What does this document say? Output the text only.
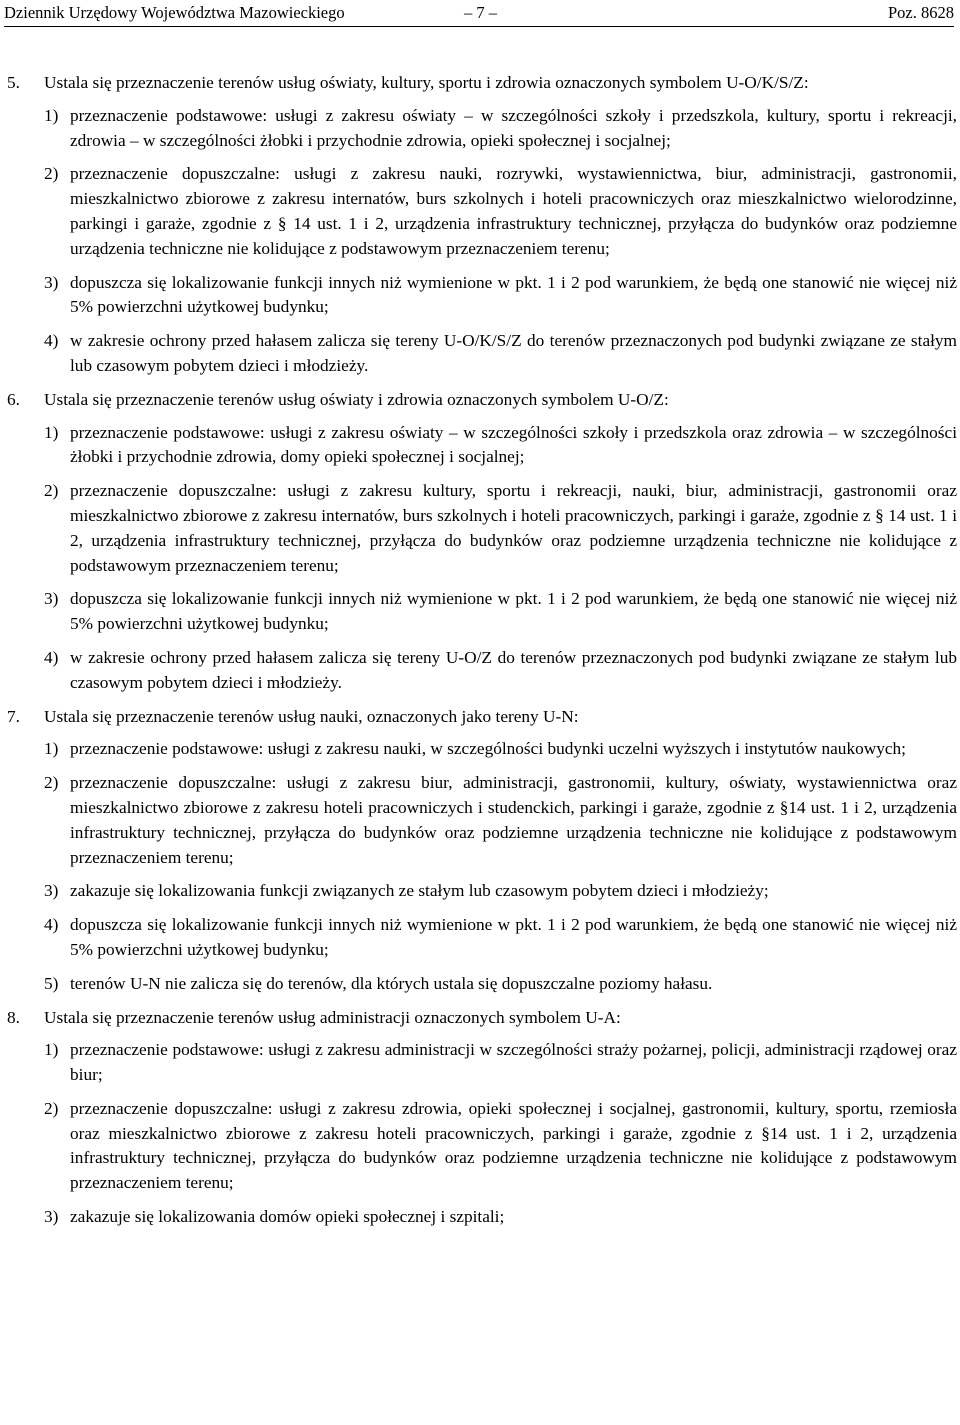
Dziennik Urzędowy Województwa Mazowieckiego	– 7 –	Poz. 8628
5. Ustala się przeznaczenie terenów usług oświaty, kultury, sportu i zdrowia oznaczonych symbolem U-O/K/S/Z:
1) przeznaczenie podstawowe: usługi z zakresu oświaty – w szczególności szkoły i przedszkola, kultury, sportu i rekreacji, zdrowia – w szczególności żłobki i przychodnie zdrowia, opieki społecznej i socjalnej;
2) przeznaczenie dopuszczalne: usługi z zakresu nauki, rozrywki, wystawiennictwa, biur, administracji, gastronomii, mieszkalnictwo zbiorowe z zakresu internatów, burs szkolnych i hoteli pracowniczych oraz mieszkalnictwo wielorodzinne, parkingi i garaże, zgodnie z § 14 ust. 1 i 2, urządzenia infrastruktury technicznej, przyłącza do budynków oraz podziemne urządzenia techniczne nie kolidujące z podstawowym przeznaczeniem terenu;
3) dopuszcza się lokalizowanie funkcji innych niż wymienione w pkt. 1 i 2 pod warunkiem, że będą one stanowić nie więcej niż 5% powierzchni użytkowej budynku;
4) w zakresie ochrony przed hałasem zalicza się tereny U-O/K/S/Z do terenów przeznaczonych pod budynki związane ze stałym lub czasowym pobytem dzieci i młodzieży.
6. Ustala się przeznaczenie terenów usług oświaty i zdrowia oznaczonych symbolem U-O/Z:
1) przeznaczenie podstawowe: usługi z zakresu oświaty – w szczególności szkoły i przedszkola oraz zdrowia – w szczególności żłobki i przychodnie zdrowia, domy opieki społecznej i socjalnej;
2) przeznaczenie dopuszczalne: usługi z zakresu kultury, sportu i rekreacji, nauki, biur, administracji, gastronomii oraz mieszkalnictwo zbiorowe z zakresu internatów, burs szkolnych i hoteli pracowniczych, parkingi i garaże, zgodnie z § 14 ust. 1 i 2, urządzenia infrastruktury technicznej, przyłącza do budynków oraz podziemne urządzenia techniczne nie kolidujące z podstawowym przeznaczeniem terenu;
3) dopuszcza się lokalizowanie funkcji innych niż wymienione w pkt. 1 i 2 pod warunkiem, że będą one stanowić nie więcej niż 5% powierzchni użytkowej budynku;
4) w zakresie ochrony przed hałasem zalicza się tereny U-O/Z do terenów przeznaczonych pod budynki związane ze stałym lub czasowym pobytem dzieci i młodzieży.
7. Ustala się przeznaczenie terenów usług nauki, oznaczonych jako tereny U-N:
1) przeznaczenie podstawowe: usługi z zakresu nauki, w szczególności budynki uczelni wyższych i instytutów naukowych;
2) przeznaczenie dopuszczalne: usługi z zakresu biur, administracji, gastronomii, kultury, oświaty, wystawiennictwa oraz mieszkalnictwo zbiorowe z zakresu hoteli pracowniczych i studenckich, parkingi i garaże, zgodnie z §14 ust. 1 i 2, urządzenia infrastruktury technicznej, przyłącza do budynków oraz podziemne urządzenia techniczne nie kolidujące z podstawowym przeznaczeniem terenu;
3) zakazuje się lokalizowania funkcji związanych ze stałym lub czasowym pobytem dzieci i młodzieży;
4) dopuszcza się lokalizowanie funkcji innych niż wymienione w pkt. 1 i 2 pod warunkiem, że będą one stanowić nie więcej niż 5% powierzchni użytkowej budynku;
5) terenów U-N nie zalicza się do terenów, dla których ustala się dopuszczalne poziomy hałasu.
8. Ustala się przeznaczenie terenów usług administracji oznaczonych symbolem U-A:
1) przeznaczenie podstawowe: usługi z zakresu administracji w szczególności straży pożarnej, policji, administracji rządowej oraz biur;
2) przeznaczenie dopuszczalne: usługi z zakresu zdrowia, opieki społecznej i socjalnej, gastronomii, kultury, sportu, rzemiosła oraz mieszkalnictwo zbiorowe z zakresu hoteli pracowniczych, parkingi i garaże, zgodnie z §14 ust. 1 i 2, urządzenia infrastruktury technicznej, przyłącza do budynków oraz podziemne urządzenia techniczne nie kolidujące z podstawowym przeznaczeniem terenu;
3) zakazuje się lokalizowania domów opieki społecznej i szpitali;
